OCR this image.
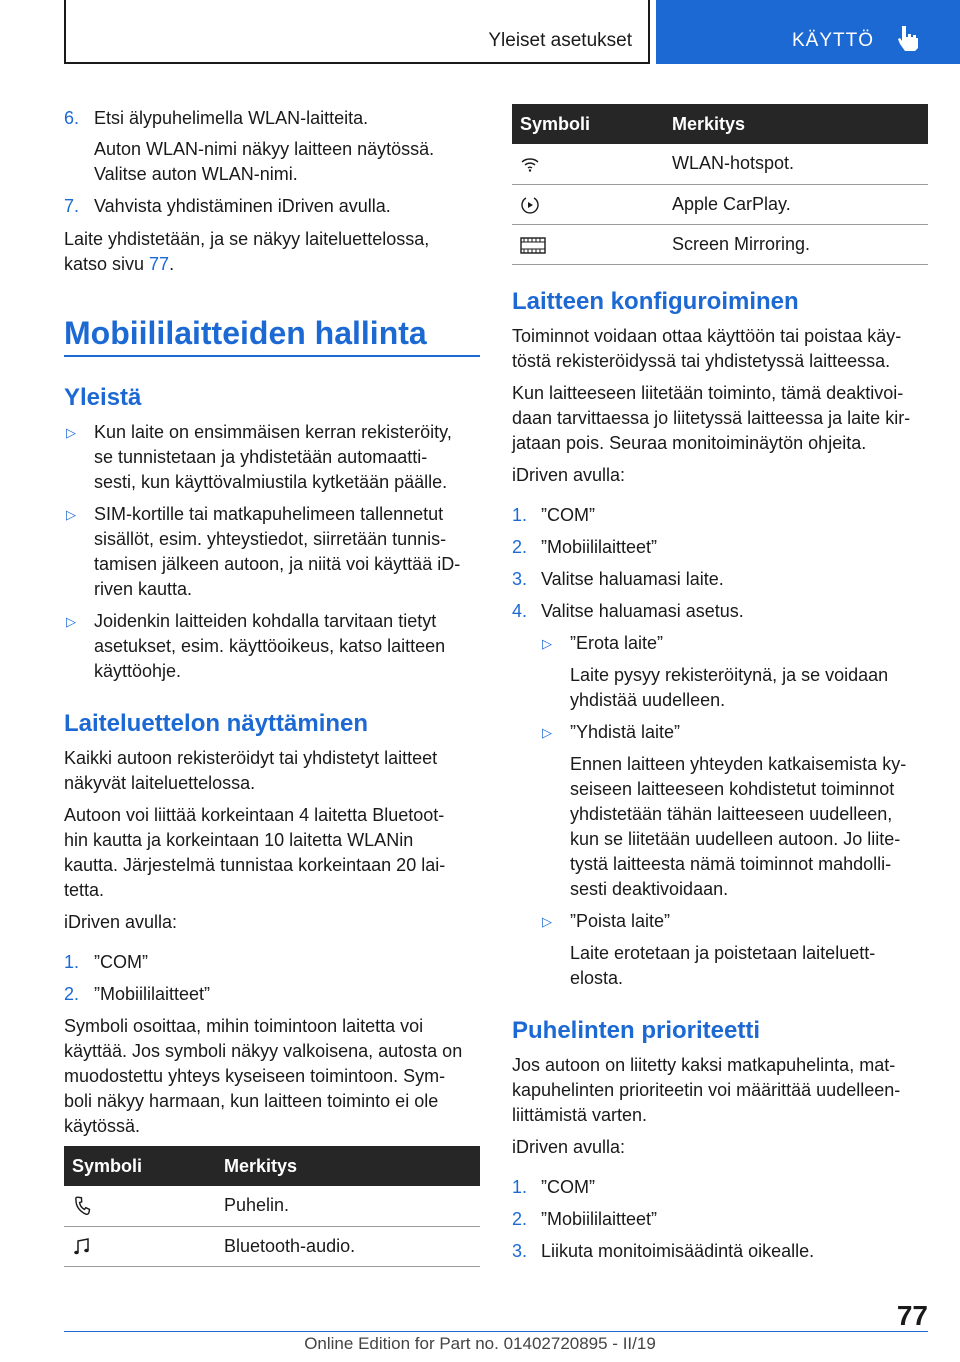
Yleiset asetukset	KÄYTTÖ
6. Etsi älypuhelimella WLAN-laitteita.
Auton WLAN-nimi näkyy laitteen näytössä.
Valitse auton WLAN-nimi.
7. Vahvista yhdistäminen iDriven avulla.
Laite yhdistetään, ja se näkyy laiteluettelossa,
katso sivu 77.
Mobiililaitteiden hallinta
Yleistä
▷ Kun laite on ensimmäisen kerran rekisteröity,
se tunnistetaan ja yhdistetään automaatti-
sesti, kun käyttövalmiustila kytketään päälle.
▷ SIM-kortille tai matkapuhelimeen tallennetut
sisällöt, esim. yhteystiedot, siirretään tunnis-
tamisen jälkeen autoon, ja niitä voi käyttää iD-
riven kautta.
▷ Joidenkin laitteiden kohdalla tarvitaan tietyt
asetukset, esim. käyttöoikeus, katso laitteen
käyttöohje.
Laiteluettelon näyttäminen
Kaikki autoon rekisteröidyt tai yhdistetyt laitteet
näkyvät laiteluettelossa.
Autoon voi liittää korkeintaan 4 laitetta Bluetoot-
hin kautta ja korkeintaan 10 laitetta WLANin
kautta. Järjestelmä tunnistaa korkeintaan 20 lai-
tetta.
iDriven avulla:
1. ”COM”
2. ”Mobiililaitteet”
Symboli osoittaa, mihin toimintoon laitetta voi
käyttää. Jos symboli näkyy valkoisena, autosta on
muodostettu yhteys kyseiseen toimintoon. Sym-
boli näkyy harmaan, kun laitteen toiminto ei ole
käytössä.
Symboli	Merkitys
	Puhelin.
	Bluetooth-audio.
Symboli	Merkitys
	WLAN-hotspot.
	Apple CarPlay.
	Screen Mirroring.
Laitteen konfiguroiminen
Toiminnot voidaan ottaa käyttöön tai poistaa käy-
töstä rekisteröidyssä tai yhdistetyssä laitteessa.
Kun laitteeseen liitetään toiminto, tämä deaktivoi-
daan tarvittaessa jo liitetyssä laitteessa ja laite kir-
jataan pois. Seuraa monitoiminäytön ohjeita.
iDriven avulla:
1. ”COM”
2. ”Mobiililaitteet”
3. Valitse haluamasi laite.
4. Valitse haluamasi asetus.
▷ ”Erota laite”
Laite pysyy rekisteröitynä, ja se voidaan
yhdistää uudelleen.
▷ ”Yhdistä laite”
Ennen laitteen yhteyden katkaisemista ky-
seiseen laitteeseen kohdistetut toiminnot
yhdistetään tähän laitteeseen uudelleen,
kun se liitetään uudelleen autoon. Jo liite-
tystä laitteesta nämä toiminnot mahdolli-
sesti deaktivoidaan.
▷ ”Poista laite”
Laite erotetaan ja poistetaan laiteluett-
elosta.
Puhelinten prioriteetti
Jos autoon on liitetty kaksi matkapuhelinta, mat-
kapuhelinten prioriteetin voi määrittää uudelleen-
liittämistä varten.
iDriven avulla:
1. ”COM”
2. ”Mobiililaitteet”
3. Liikuta monitoimisäädintä oikealle.
77
Online Edition for Part no. 01402720895 - II/19
